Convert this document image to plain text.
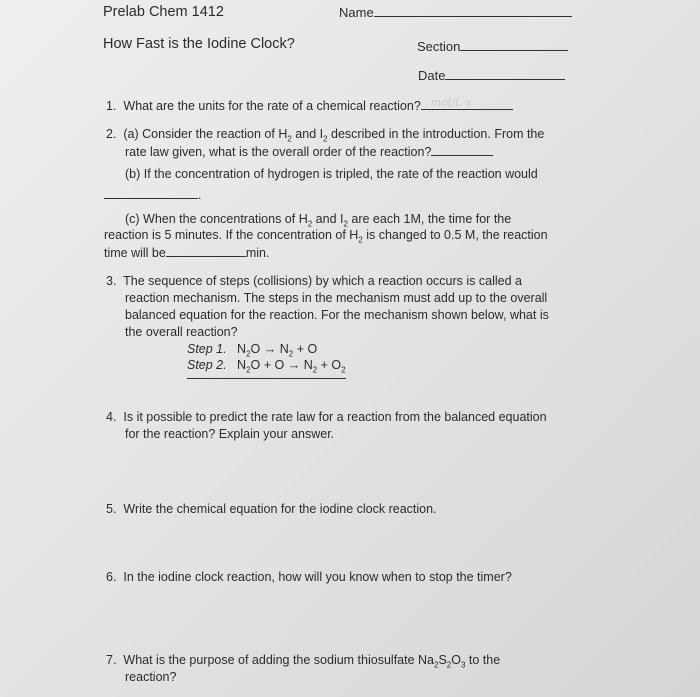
Prelab Chem 1412	Name
How Fast is the Iodine Clock?	Section
Date
1. What are the units for the rate of a chemical reaction? mol/L·s
2. (a) Consider the reaction of $H_2$ and $I_2$ described in the introduction. From the
rate law given, what is the overall order of the reaction?
(b) If the concentration of hydrogen is tripled, the rate of the reaction would
.
(c) When the concentrations of $H_2$ and $I_2$ are each 1M, the time for the
reaction is 5 minutes. If the concentration of $H_2$ is changed to 0.5 M, the reaction
time will be	min.
3. The sequence of steps (collisions) by which a reaction occurs is called a
reaction mechanism. The steps in the mechanism must add up to the overall
balanced equation for the reaction. For the mechanism shown below, what is
the overall reaction?
Step 1. $N_2O \to N_2 + O$
Step 2. $N_2O + O \to N_2 + O_2$
4. Is it possible to predict the rate law for a reaction from the balanced equation
for the reaction? Explain your answer.
5. Write the chemical equation for the iodine clock reaction.
6. In the iodine clock reaction, how will you know when to stop the timer?
7. What is the purpose of adding the sodium thiosulfate $Na_2S_2O_3$ to the
reaction?
